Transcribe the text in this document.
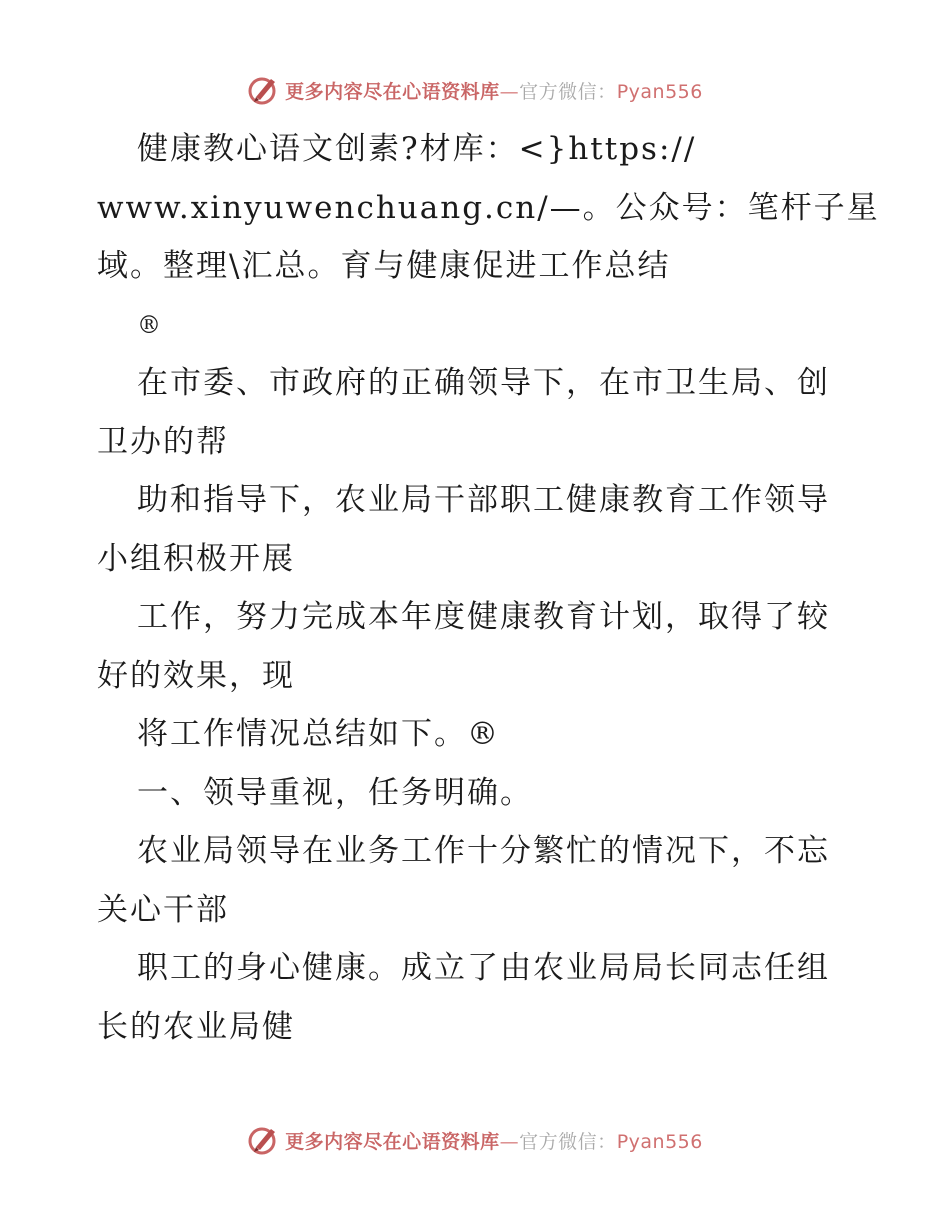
更多内容尽在心语资料库—官方微信：Pyan556
健康教心语文创素?材库：<}https://
www.xinyuwenchuang.cn/—。公众号：笔杆子星
域。整理\汇总。育与健康促进工作总结
®
在市委、市政府的正确领导下，在市卫生局、创
卫办的帮
助和指导下，农业局干部职工健康教育工作领导
小组积极开展
工作，努力完成本年度健康教育计划，取得了较
好的效果，现
将工作情况总结如下。®
一、领导重视，任务明确。
农业局领导在业务工作十分繁忙的情况下，不忘
关心干部
职工的身心健康。成立了由农业局局长同志任组
长的农业局健
更多内容尽在心语资料库—官方微信：Pyan556
